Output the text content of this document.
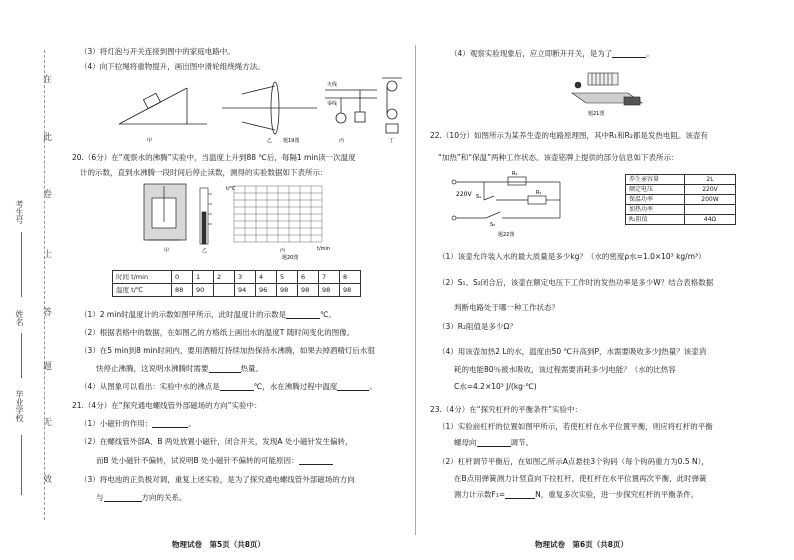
在
此
卷
上
答
题
无
效
考生号
姓名
毕业学校
（3）将灯泡与开关连接到图中的家庭电路中。
（4）向下拉绳将重物提升，画出图中滑轮组绕绳方法。
火线
零线
甲	乙 题19图	丙	丁
20.（6分）在“观察水的沸腾”实验中，当温度上升到88 ℃后，每隔1 min读一次温度
计的示数，直到水沸腾一段时间后停止读数，测得的实验数据如下表所示：
t/℃
t/min
甲	乙	丙
题20图
时间 t/min	0	1	2	3	4	5	6	7	8
温度 t/℃	88	90		94	96	98	98	98	98
（1）2 min时温度计的示数如图甲所示，此时温度计的示数是	℃。
（2）根据表格中的数据，在如图乙的方格纸上画出水的温度T 随时间变化的图像。
（3）在5 min到8 min时间内，要用酒精灯持续加热保持水沸腾，如果去掉酒精灯后水很
快停止沸腾，这说明水沸腾时需要	热量。
（4）从图象可以看出：实验中水的沸点是	℃，水在沸腾过程中温度	。
21.（4分）在“探究通电螺线管外部磁场的方向”实验中：
（1）小磁针的作用：	。
（2）在螺线管外部A、B 两处放置小磁针，闭合开关，发现A 处小磁针发生偏转，
而B 处小磁针不偏转，试说明B 处小磁针不偏转的可能原因：
（3）将电池的正负极对调，重复上述实验，是为了探究通电螺线管外部磁场的方向
与	方向的关系。
物理试卷　第5页（共8页）
（4）观察实验现象后，应立即断开开关，是为了	。
题21图
22.（10分）如图所示为某养生壶的电路原理图，其中R₁和R₂都是发热电阻。该壶有
“加热”和“保温”两种工作状态。该壶铭牌上提供的部分信息如下表所示：
220V
R₂
R₁
S₁
S₂
题22图
养生壶容量	2L
额定电压	220V
保温功率	200W
加热功率	
R₁阻值	44Ω
（1）该壶允许装入水的最大质量是多少kg？（水的密度ρ水=1.0×10³ kg/m³）
（2）S₁、S₂闭合后，该壶在额定电压下工作时的发热功率是多少W？结合表格数据
判断电路处于哪一种工作状态？
（3）R₂阻值是多少Ω？
（4）用该壶加热2 L的水，温度由50 ℃升高到P，水需要吸收多少J热量？该壶消
耗的电能80％被水吸收，该过程需要消耗多少J电能？（水的比热容
C水=4.2×10³ J/(kg·℃)
23.（4分）在“探究杠杆的平衡条件”实验中：
（1）实验前杠杆的位置如图甲所示，若使杠杆在水平位置平衡，则应将杠杆的平衡
螺母向	调节。
（2）杠杆调节平衡后，在如图乙所示A点悬挂3个钩码（每个钩码重力为0.5 N），
在B点用弹簧测力计竖直向下拉杠杆，使杠杆在水平位置再次平衡，此时弹簧
测力计示数F₁=	N，重复多次实验，进一步探究杠杆的平衡条件。
物理试卷　第6页（共8页）
